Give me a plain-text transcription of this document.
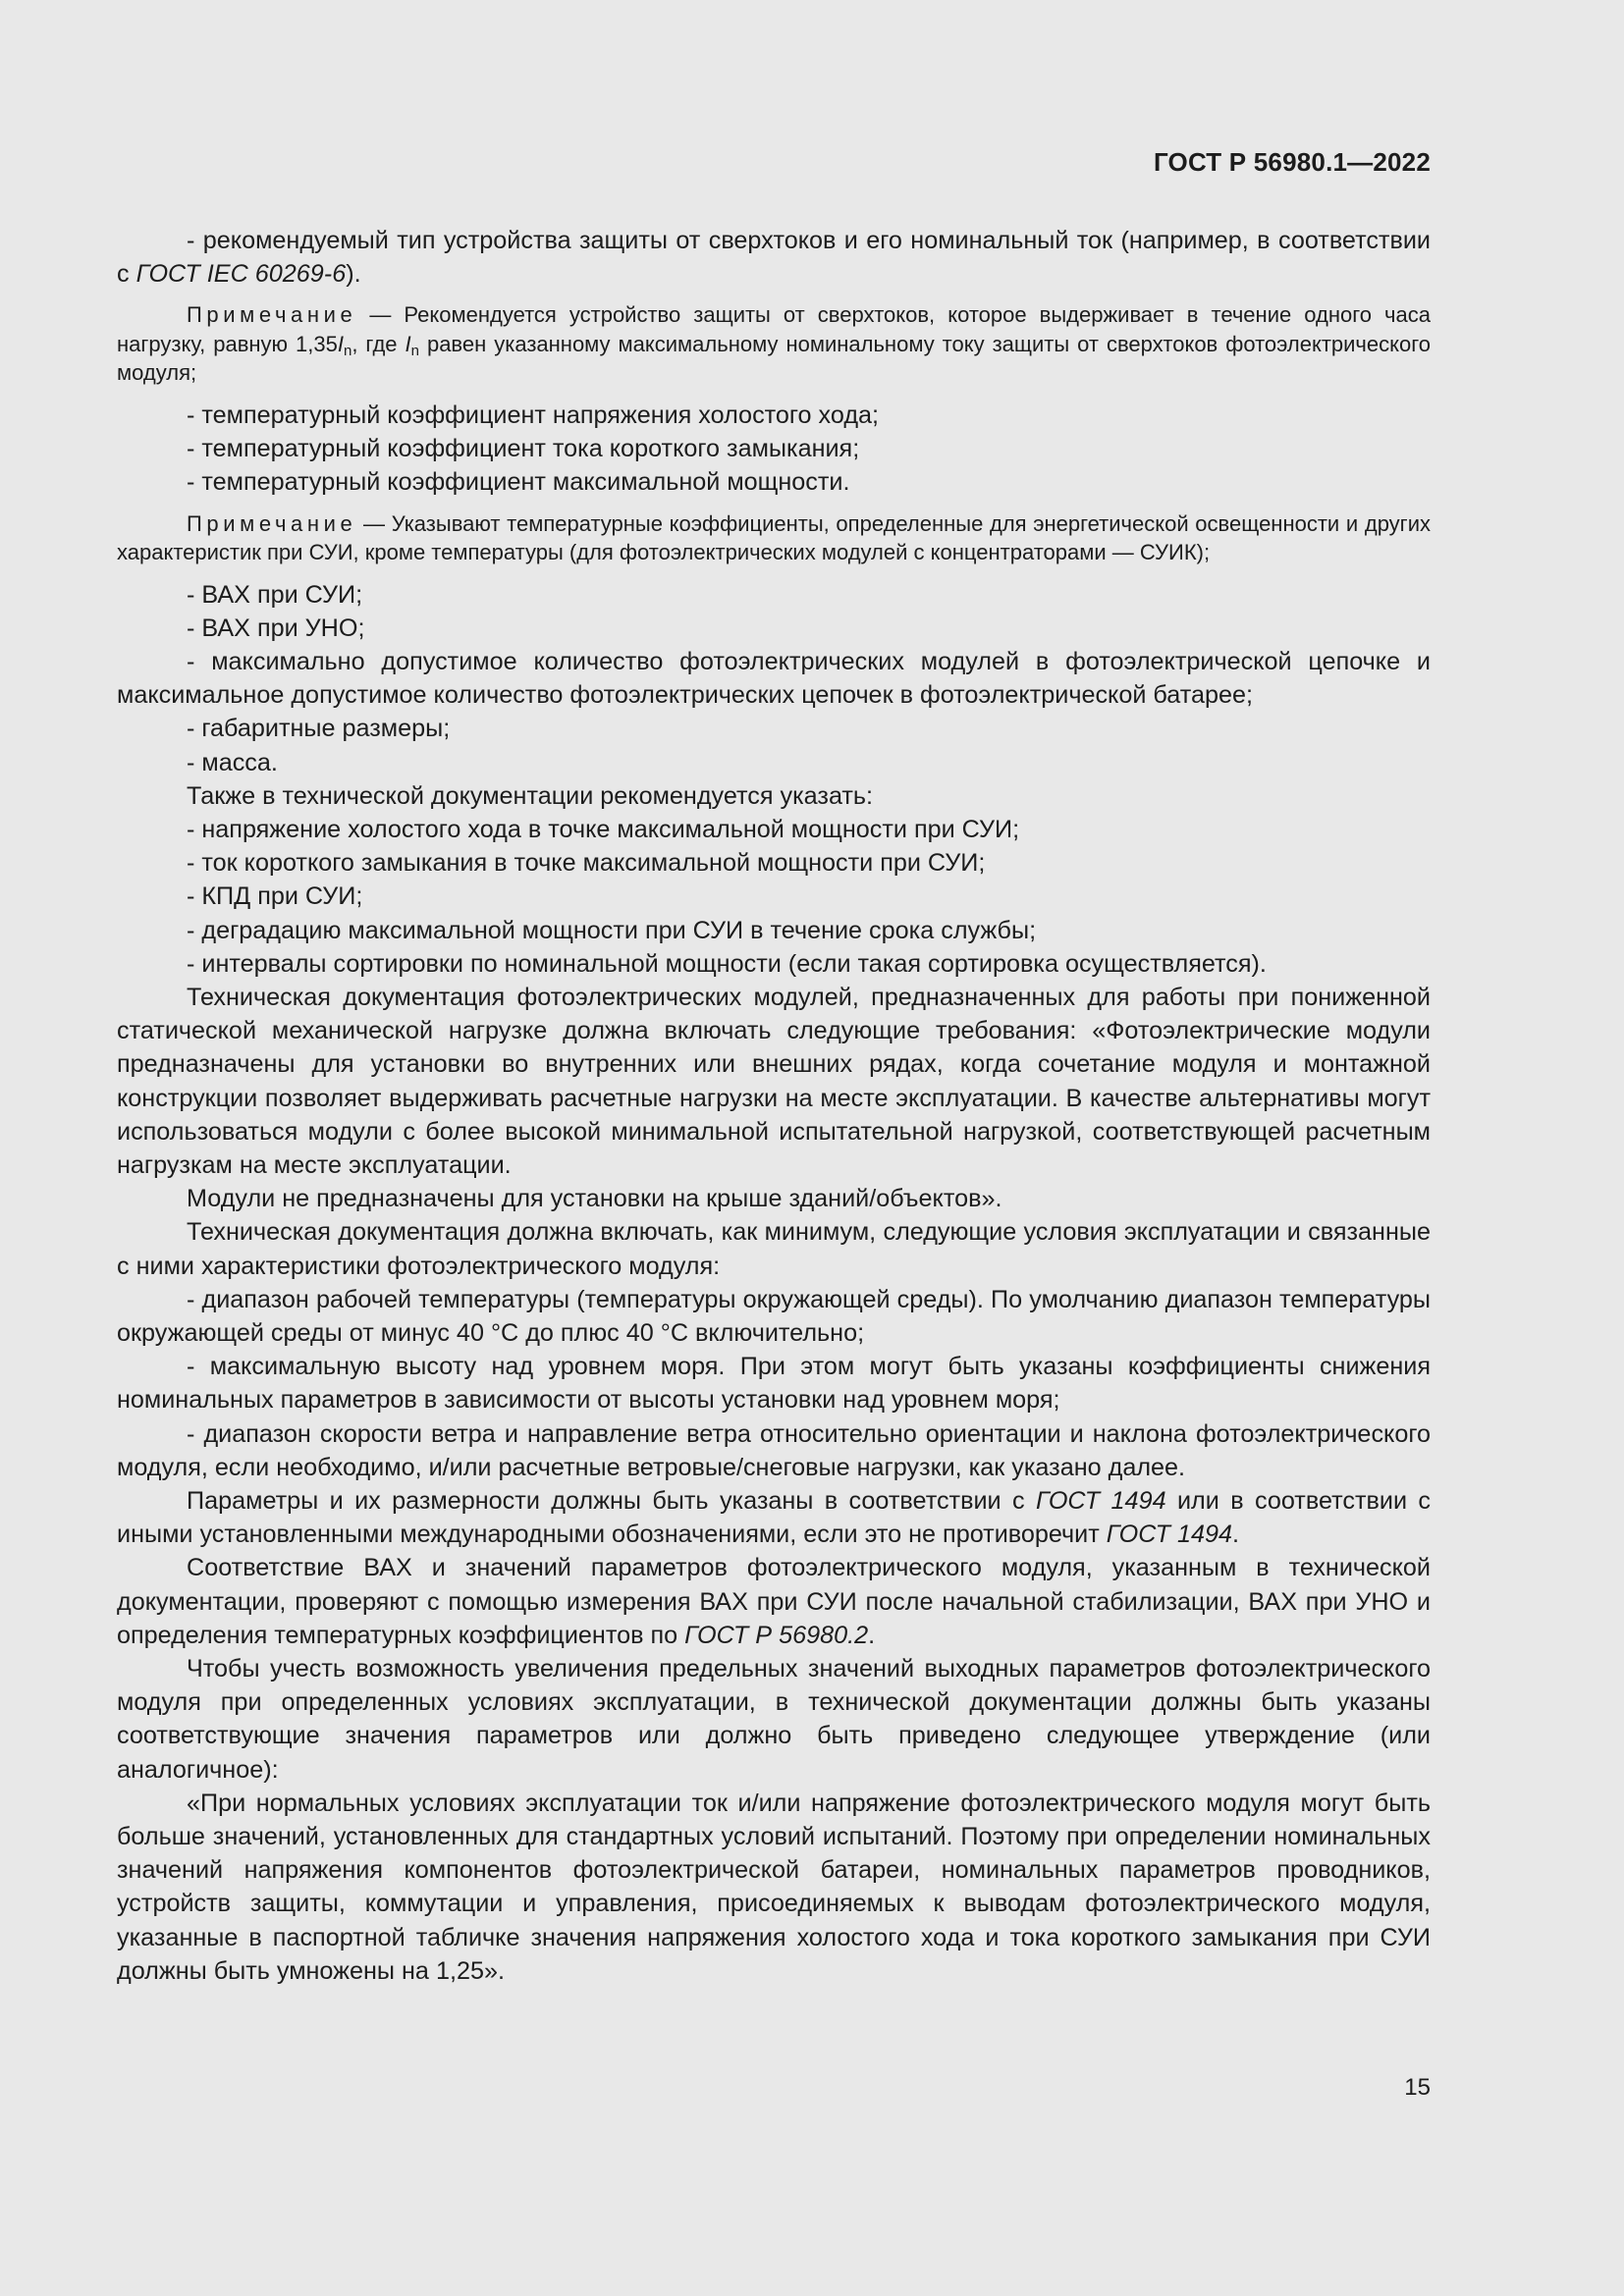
ГОСТ Р 56980.1—2022

- рекомендуемый тип устройства защиты от сверхтоков и его номинальный ток (например, в соответствии с ГОСТ IEC 60269-6).

Примечание — Рекомендуется устройство защиты от сверхтоков, которое выдерживает в течение одного часа нагрузку, равную $1,35I_n$, где $I_n$ равен указанному максимальному номинальному току защиты от сверхтоков фотоэлектрического модуля;

- температурный коэффициент напряжения холостого хода;

- температурный коэффициент тока короткого замыкания;

- температурный коэффициент максимальной мощности.

Примечание — Указывают температурные коэффициенты, определенные для энергетической освещенности и других характеристик при СУИ, кроме температуры (для фотоэлектрических модулей с концентраторами — СУИК);

- ВАХ при СУИ;

- ВАХ при УНО;

- максимально допустимое количество фотоэлектрических модулей в фотоэлектрической цепочке и максимальное допустимое количество фотоэлектрических цепочек в фотоэлектрической батарее;

- габаритные размеры;

- масса.

Также в технической документации рекомендуется указать:

- напряжение холостого хода в точке максимальной мощности при СУИ;

- ток короткого замыкания в точке максимальной мощности при СУИ;

- КПД при СУИ;

- деградацию максимальной мощности при СУИ в течение срока службы;

- интервалы сортировки по номинальной мощности (если такая сортировка осуществляется).

Техническая документация фотоэлектрических модулей, предназначенных для работы при пониженной статической механической нагрузке должна включать следующие требования: «Фотоэлектрические модули предназначены для установки во внутренних или внешних рядах, когда сочетание модуля и монтажной конструкции позволяет выдерживать расчетные нагрузки на месте эксплуатации. В качестве альтернативы могут использоваться модули с более высокой минимальной испытательной нагрузкой, соответствующей расчетным нагрузкам на месте эксплуатации.

Модули не предназначены для установки на крыше зданий/объектов».

Техническая документация должна включать, как минимум, следующие условия эксплуатации и связанные с ними характеристики фотоэлектрического модуля:

- диапазон рабочей температуры (температуры окружающей среды). По умолчанию диапазон температуры окружающей среды от минус 40 °С до плюс 40 °С включительно;

- максимальную высоту над уровнем моря. При этом могут быть указаны коэффициенты снижения номинальных параметров в зависимости от высоты установки над уровнем моря;

- диапазон скорости ветра и направление ветра относительно ориентации и наклона фотоэлектрического модуля, если необходимо, и/или расчетные ветровые/снеговые нагрузки, как указано далее.

Параметры и их размерности должны быть указаны в соответствии с ГОСТ 1494 или в соответствии с иными установленными международными обозначениями, если это не противоречит ГОСТ 1494.

Соответствие ВАХ и значений параметров фотоэлектрического модуля, указанным в технической документации, проверяют с помощью измерения ВАХ при СУИ после начальной стабилизации, ВАХ при УНО и определения температурных коэффициентов по ГОСТ Р 56980.2.

Чтобы учесть возможность увеличения предельных значений выходных параметров фотоэлектрического модуля при определенных условиях эксплуатации, в технической документации должны быть указаны соответствующие значения параметров или должно быть приведено следующее утверждение (или аналогичное):

«При нормальных условиях эксплуатации ток и/или напряжение фотоэлектрического модуля могут быть больше значений, установленных для стандартных условий испытаний. Поэтому при определении номинальных значений напряжения компонентов фотоэлектрической батареи, номинальных параметров проводников, устройств защиты, коммутации и управления, присоединяемых к выводам фотоэлектрического модуля, указанные в паспортной табличке значения напряжения холостого хода и тока короткого замыкания при СУИ должны быть умножены на 1,25».

15
